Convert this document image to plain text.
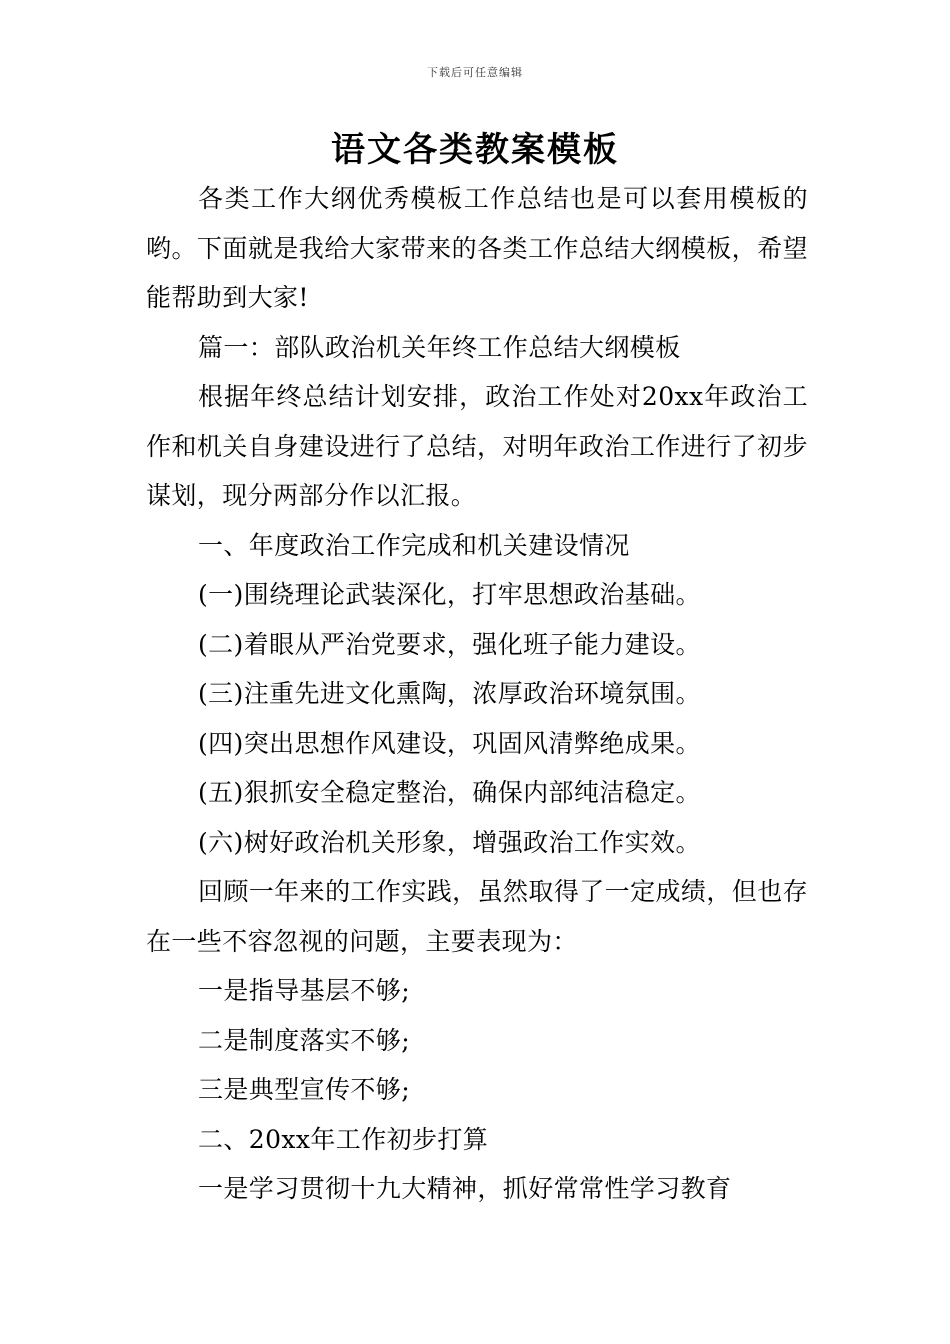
下载后可任意编辑
语文各类教案模板

各类工作大纲优秀模板工作总结也是可以套用模板的哟。下面就是我给大家带来的各类工作总结大纲模板，希望能帮助到大家!

篇一：部队政治机关年终工作总结大纲模板

根据年终总结计划安排，政治工作处对20xx年政治工作和机关自身建设进行了总结，对明年政治工作进行了初步谋划，现分两部分作以汇报。

一、年度政治工作完成和机关建设情况

(一)围绕理论武装深化，打牢思想政治基础。

(二)着眼从严治党要求，强化班子能力建设。

(三)注重先进文化熏陶，浓厚政治环境氛围。

(四)突出思想作风建设，巩固风清弊绝成果。

(五)狠抓安全稳定整治，确保内部纯洁稳定。

(六)树好政治机关形象，增强政治工作实效。

回顾一年来的工作实践，虽然取得了一定成绩，但也存在一些不容忽视的问题，主要表现为：

一是指导基层不够;

二是制度落实不够;

三是典型宣传不够;

二、20xx年工作初步打算

一是学习贯彻十九大精神，抓好常常性学习教育
